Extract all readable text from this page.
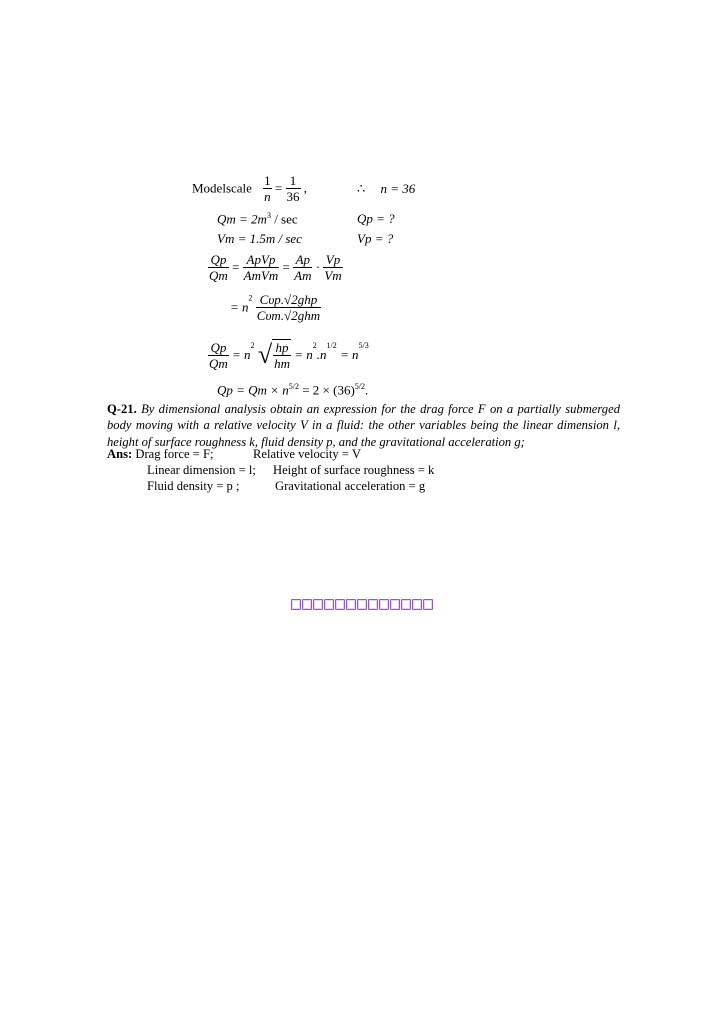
Modelscale $\frac{1}{n} = \frac{1}{36}$ ,	∴ n = 36
$Qm = 2m^3 / \sec$	Qp = ?
Vm = 1.5m / sec	Vp = ?
$\frac{Qp}{Qm} = \frac{\text{ApVp}}{\text{AmVm}} = \frac{Ap}{Am} \cdot \frac{Vp}{Vm}$
= $n^2 \frac{\text{Cυp.√2ghp}}{\text{Cυm.√2ghm}}$
$\frac{Qp}{Qm} = n^2$ √ $\frac{hp}{hm} = n^2.n^{1/2} = n^{5/3}$
$Qp = Qm \times n^{5/2} = 2 \times (36)^{5/2}$.
Q-21. By dimensional analysis obtain an expression for the drag force F on a partially submerged body moving with a relative velocity V in a fluid: the other variables being the linear dimension l, height of surface roughness k, fluid density p, and the gravitational acceleration g;
Ans: Drag force = F;	Relative velocity = V
Linear dimension = l; Height of surface roughness = k
Fluid density = p ;	Gravitational acceleration = g
